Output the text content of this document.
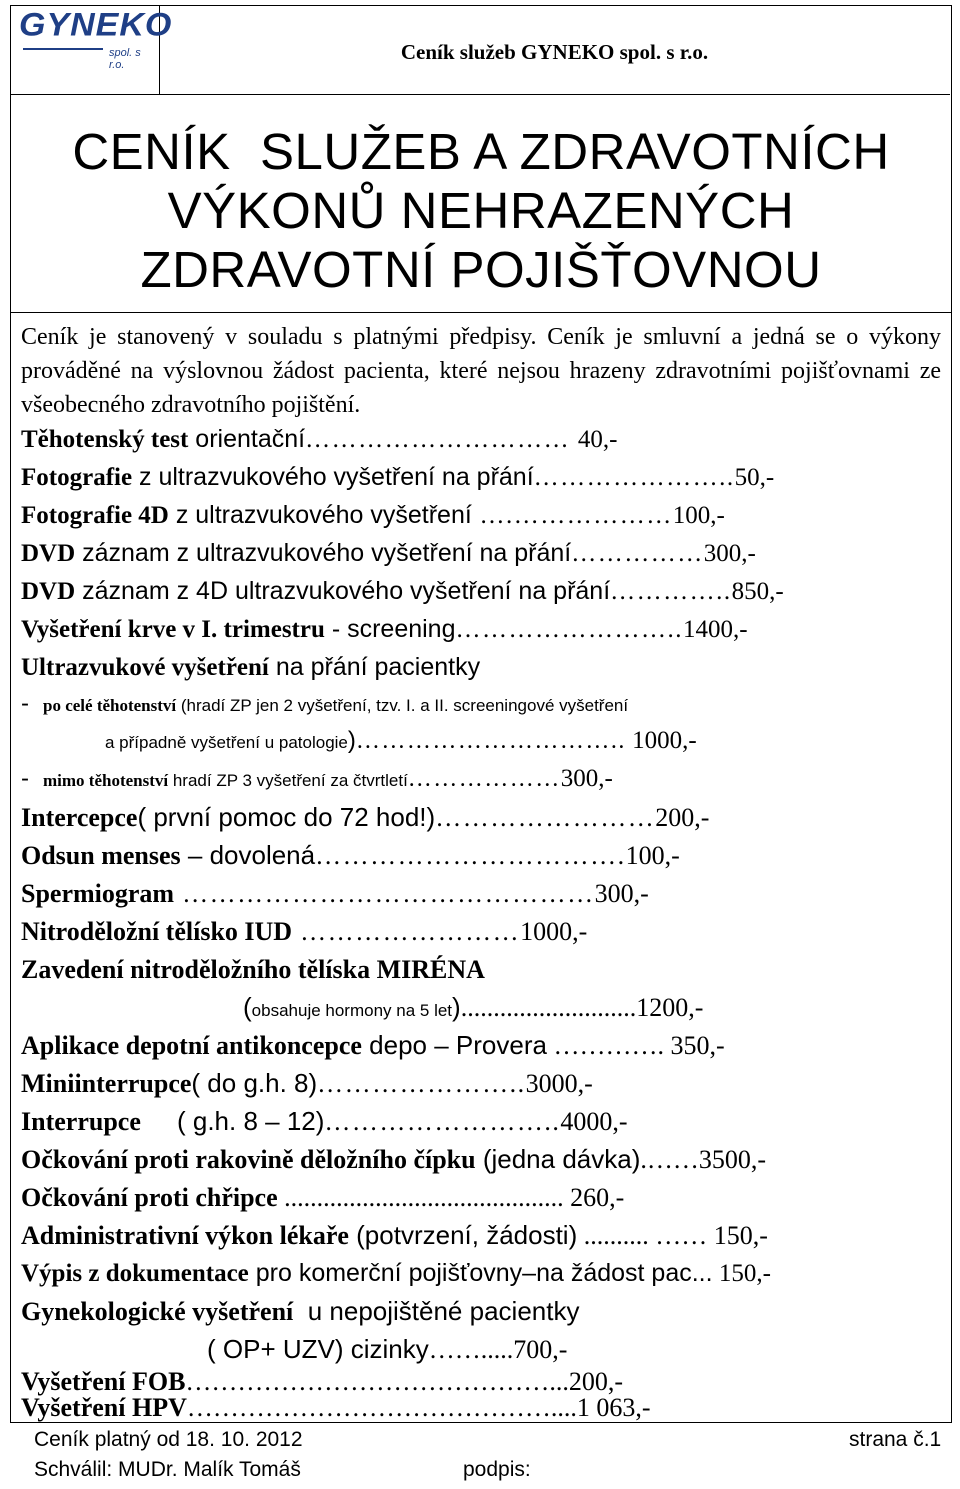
GYNEKO
spol. s r.o.
Ceník služeb GYNEKO spol. s r.o.
CENÍK  SLUŽEB A ZDRAVOTNÍCH
VÝKONŮ NEHRAZENÝCH
ZDRAVOTNÍ POJIŠŤOVNOU
Ceník je stanovený v souladu s platnými předpisy. Ceník je smluvní a jedná se o výkony prováděné na výslovnou žádost pacienta, které nejsou hrazeny zdravotními pojišťovnami ze všeobecného zdravotního pojištění.
Těhotenský test orientační………………………… 40,-
Fotografie z ultrazvukového vyšetření na přání…………………..50,-
Fotografie 4D z ultrazvukového vyšetření ….………………100,-
DVD záznam z ultrazvukového vyšetření na přání……………300,-
DVD záznam z 4D ultrazvukového vyšetření na přání…………..850,-
Vyšetření krve v I. trimestru - screening……………………..1400,-
Ultrazvukové vyšetření na přání pacientky
- po celé těhotenství (hradí ZP jen 2 vyšetření, tzv. I. a II. screeningové vyšetření
a případně vyšetření u patologie)………………………….. 1000,-
- mimo těhotenství hradí ZP 3 vyšetření za čtvrtletí………………300,-
Intercepce( první pomoc do 72 hod!)……………………200,-
Odsun menses – dovolená…………………………….100,-
Spermiogram ………………………………………300,-
Nitroděložní tělísko IUD ……………………1000,-
Zavedení nitroděložního tělíska MIRÉNA
(obsahuje hormony na 5 let)...........................1200,-
Aplikace depotní antikoncepce depo – Provera …………. 350,-
Miniinterrupce( do g.h. 8)…………………..3000,-
Interrupce     ( g.h. 8 – 12)……………………..4000,-
Očkování proti rakovině děložního čípku (jedna dávka).……3500,-
Očkování proti chřipce ........................................... 260,-
Administrativní výkon lékaře (potvrzení, žádosti) .......... …… 150,-
Výpis z dokumentace pro komerční pojišťovny–na žádost pac... 150,-
Gynekologické vyšetření  u nepojištěné pacientky
( OP+ UZV) cizinky…….....700,-
Vyšetření FOB……………………………………...200,-
Vyšetření HPV……………………………………....1 063,-
Ceník platný od 18. 10. 2012	strana č.1
Schválil: MUDr. Malík Tomáš	podpis:
